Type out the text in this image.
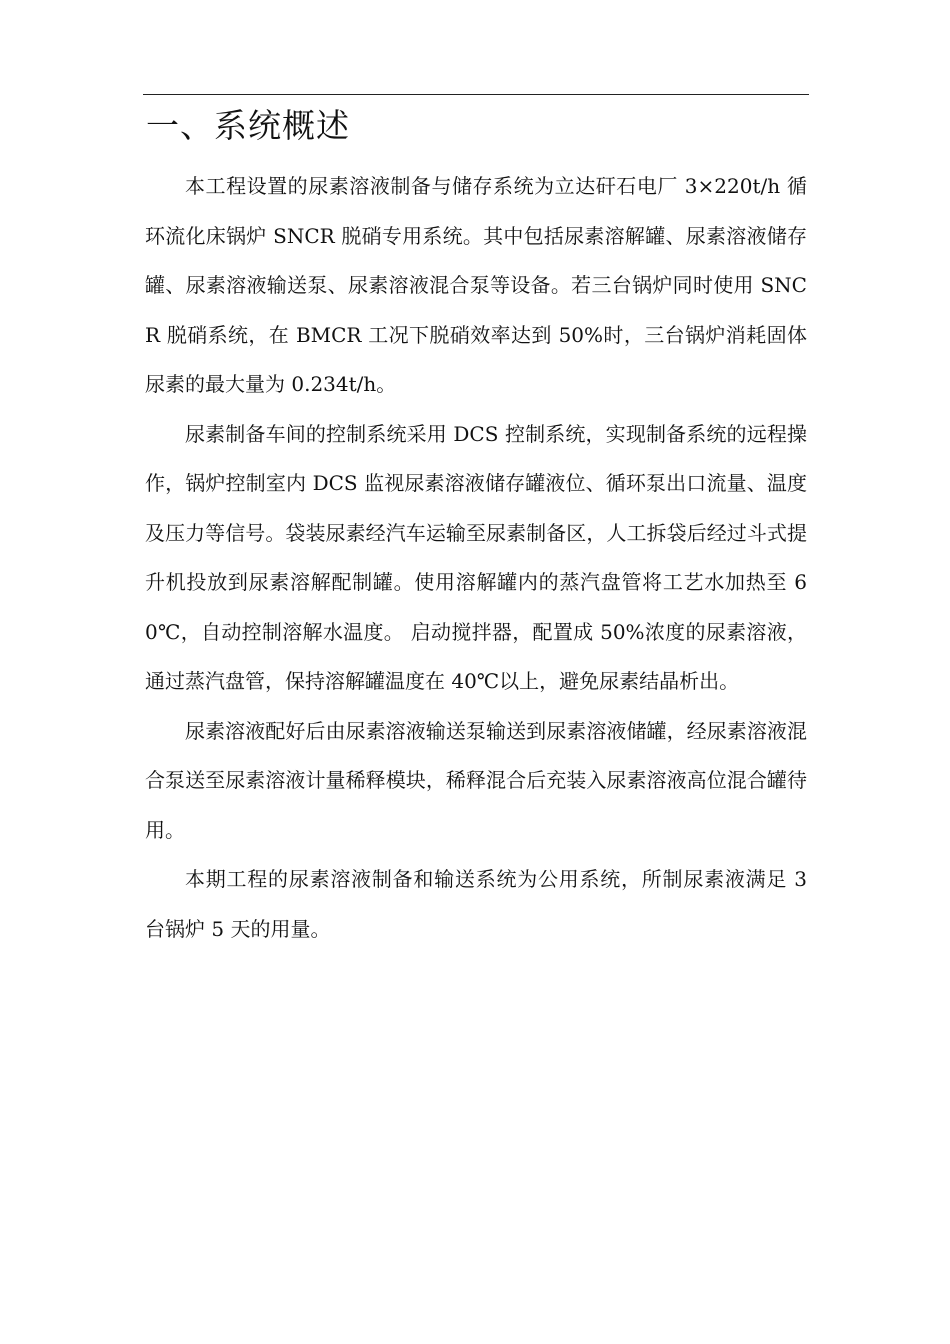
一、系统概述

本工程设置的尿素溶液制备与储存系统为立达矸石电厂 3×220t/h 循环流化床锅炉 SNCR 脱硝专用系统。其中包括尿素溶解罐、尿素溶液储存罐、尿素溶液输送泵、尿素溶液混合泵等设备。若三台锅炉同时使用 SNCR 脱硝系统，在 BMCR 工况下脱硝效率达到 50%时，三台锅炉消耗固体尿素的最大量为 0.234t/h。

尿素制备车间的控制系统采用 DCS 控制系统，实现制备系统的远程操作，锅炉控制室内 DCS 监视尿素溶液储存罐液位、循环泵出口流量、温度及压力等信号。袋装尿素经汽车运输至尿素制备区，人工拆袋后经过斗式提升机投放到尿素溶解配制罐。使用溶解罐内的蒸汽盘管将工艺水加热至 60℃，自动控制溶解水温度。 启动搅拌器，配置成 50%浓度的尿素溶液，通过蒸汽盘管，保持溶解罐温度在 40℃以上，避免尿素结晶析出。

尿素溶液配好后由尿素溶液输送泵输送到尿素溶液储罐，经尿素溶液混合泵送至尿素溶液计量稀释模块，稀释混合后充装入尿素溶液高位混合罐待用。

本期工程的尿素溶液制备和输送系统为公用系统，所制尿素液满足 3 台锅炉 5 天的用量。
